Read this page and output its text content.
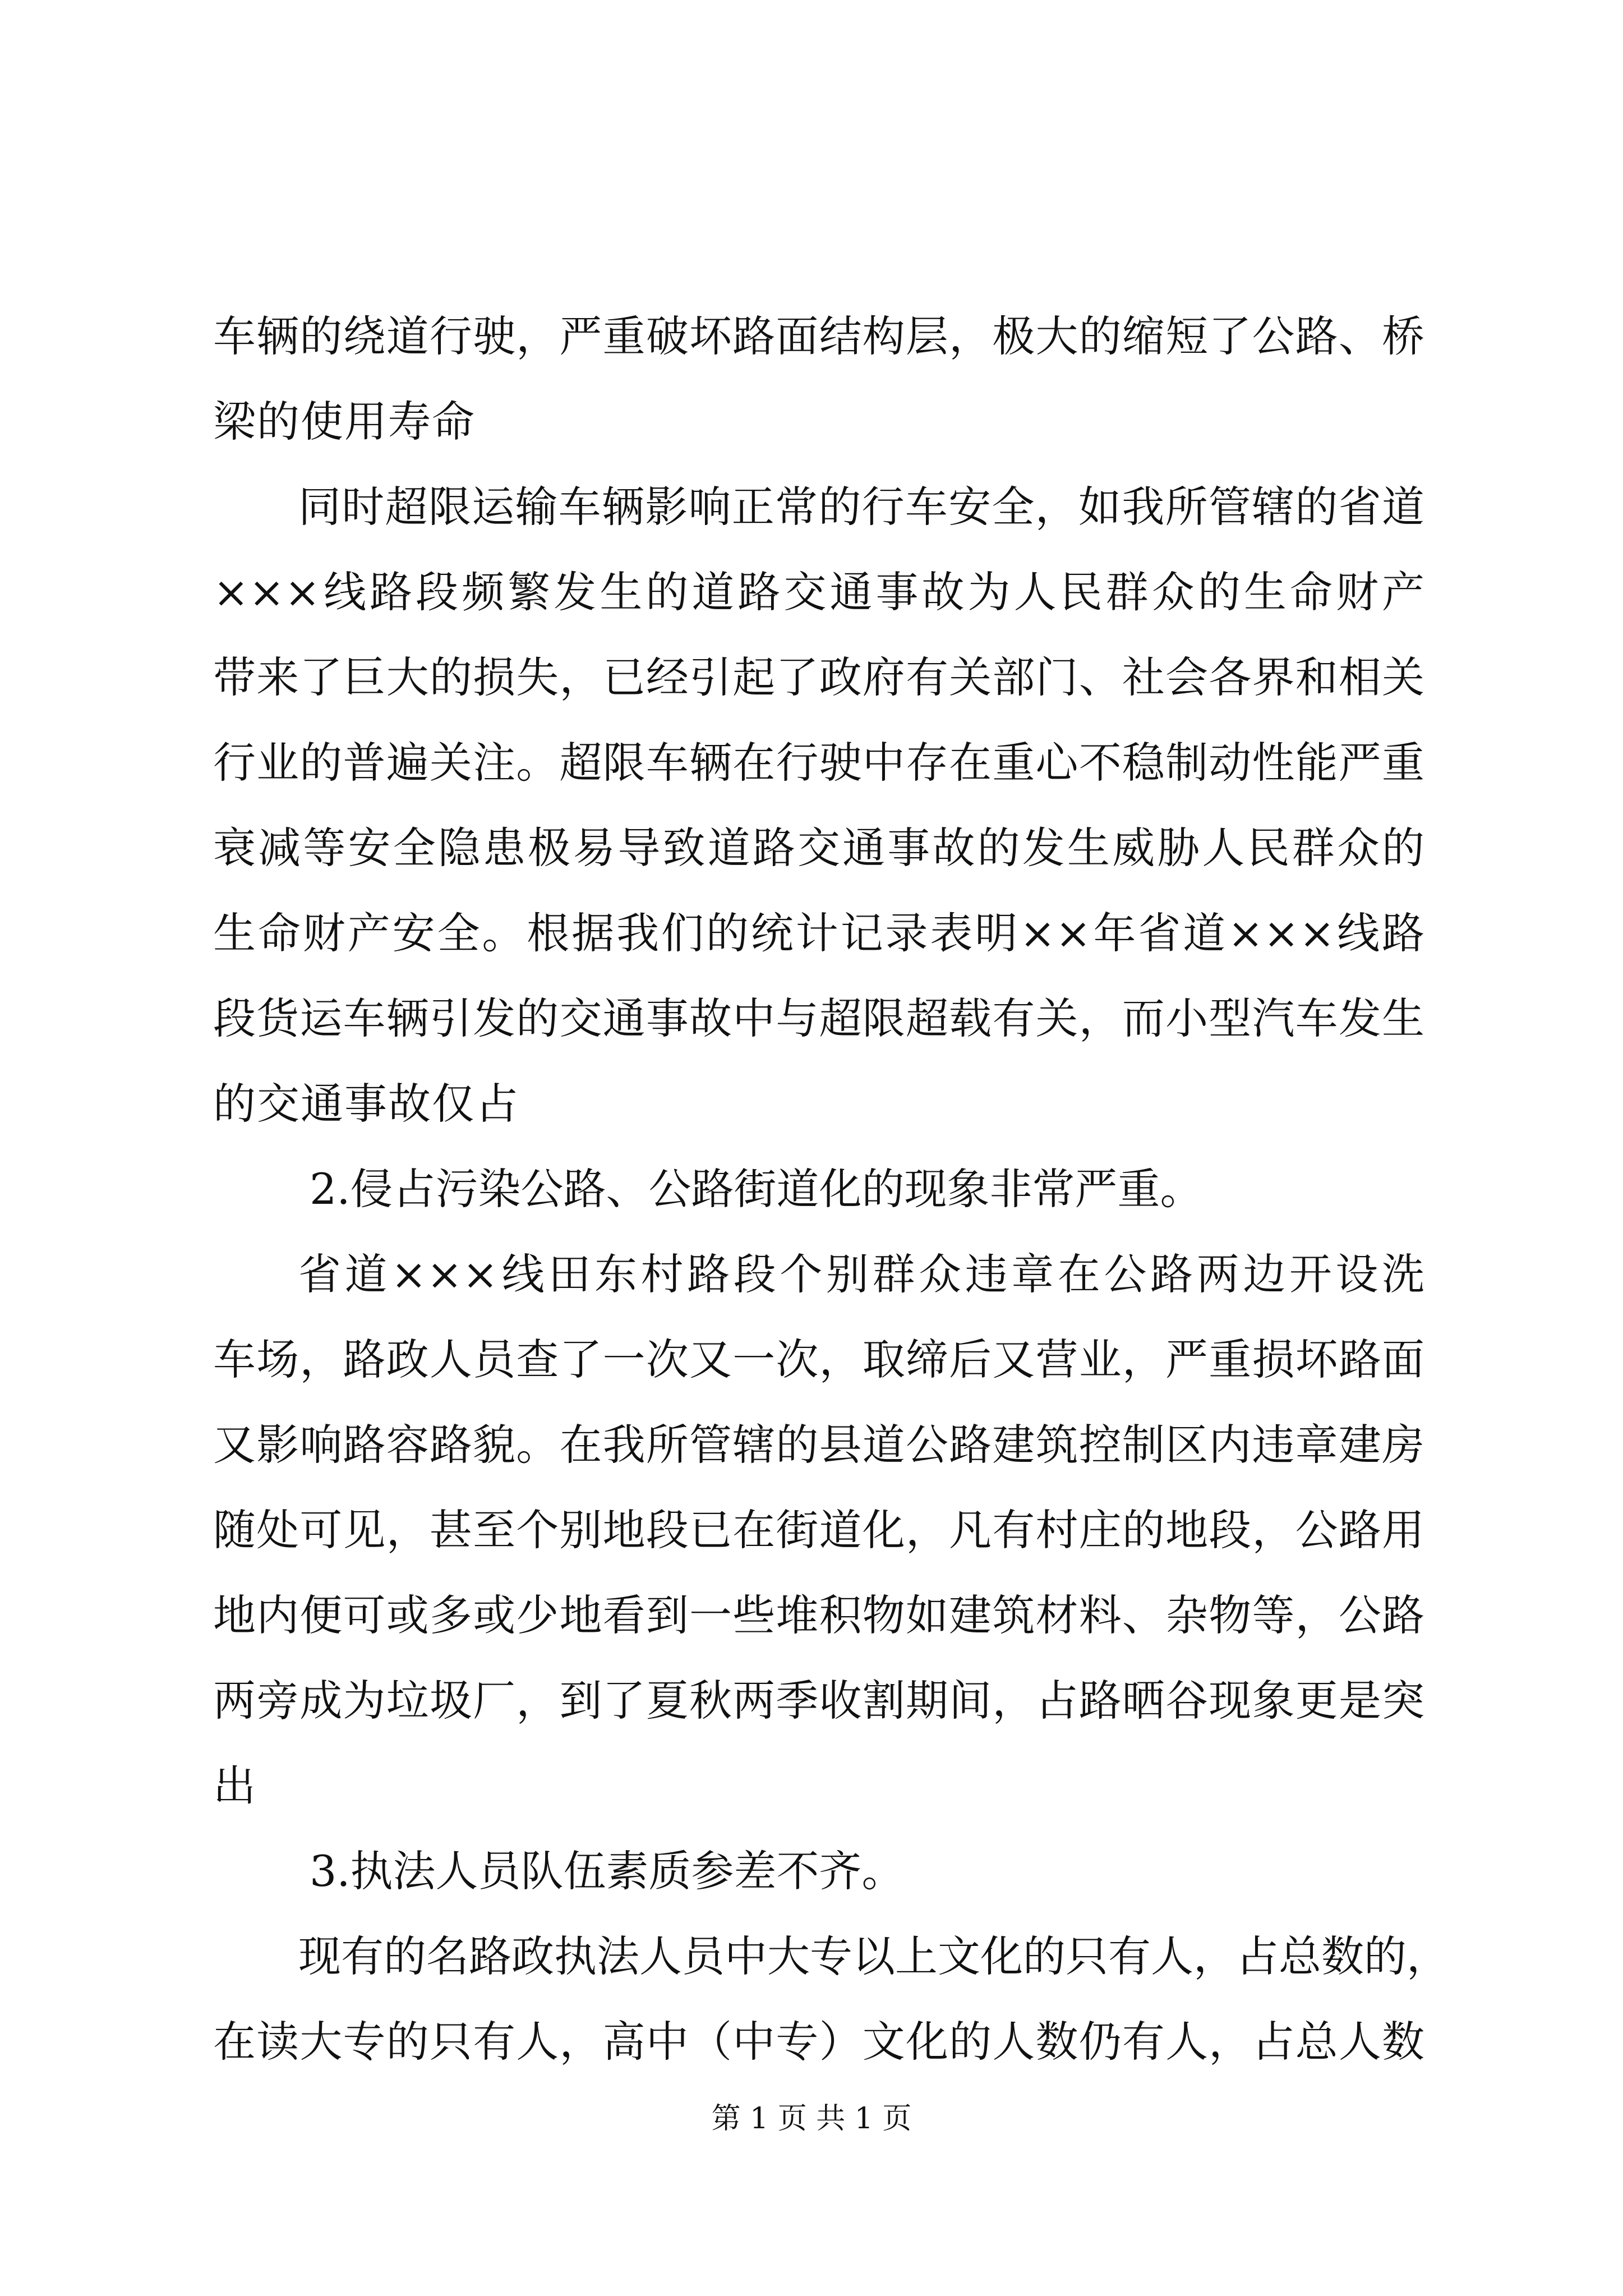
车辆的绕道行驶，严重破坏路面结构层，极大的缩短了公路、桥
梁的使用寿命
同时超限运输车辆影响正常的行车安全，如我所管辖的省道
×××线路段频繁发生的道路交通事故为人民群众的生命财产
带来了巨大的损失，已经引起了政府有关部门、社会各界和相关
行业的普遍关注。超限车辆在行驶中存在重心不稳制动性能严重
衰减等安全隐患极易导致道路交通事故的发生威胁人民群众的
生命财产安全。根据我们的统计记录表明××年省道×××线路
段货运车辆引发的交通事故中与超限超载有关，而小型汽车发生
的交通事故仅占
2.侵占污染公路、公路街道化的现象非常严重。
省道×××线田东村路段个别群众违章在公路两边开设洗
车场，路政人员查了一次又一次，取缔后又营业，严重损坏路面
又影响路容路貌。在我所管辖的县道公路建筑控制区内违章建房
随处可见，甚至个别地段已在街道化，凡有村庄的地段，公路用
地内便可或多或少地看到一些堆积物如建筑材料、杂物等，公路
两旁成为垃圾厂，到了夏秋两季收割期间，占路晒谷现象更是突
出
3.执法人员队伍素质参差不齐。
现有的名路政执法人员中大专以上文化的只有人，占总数的，
在读大专的只有人，高中（中专）文化的人数仍有人，占总人数
第 1 页 共 1 页
